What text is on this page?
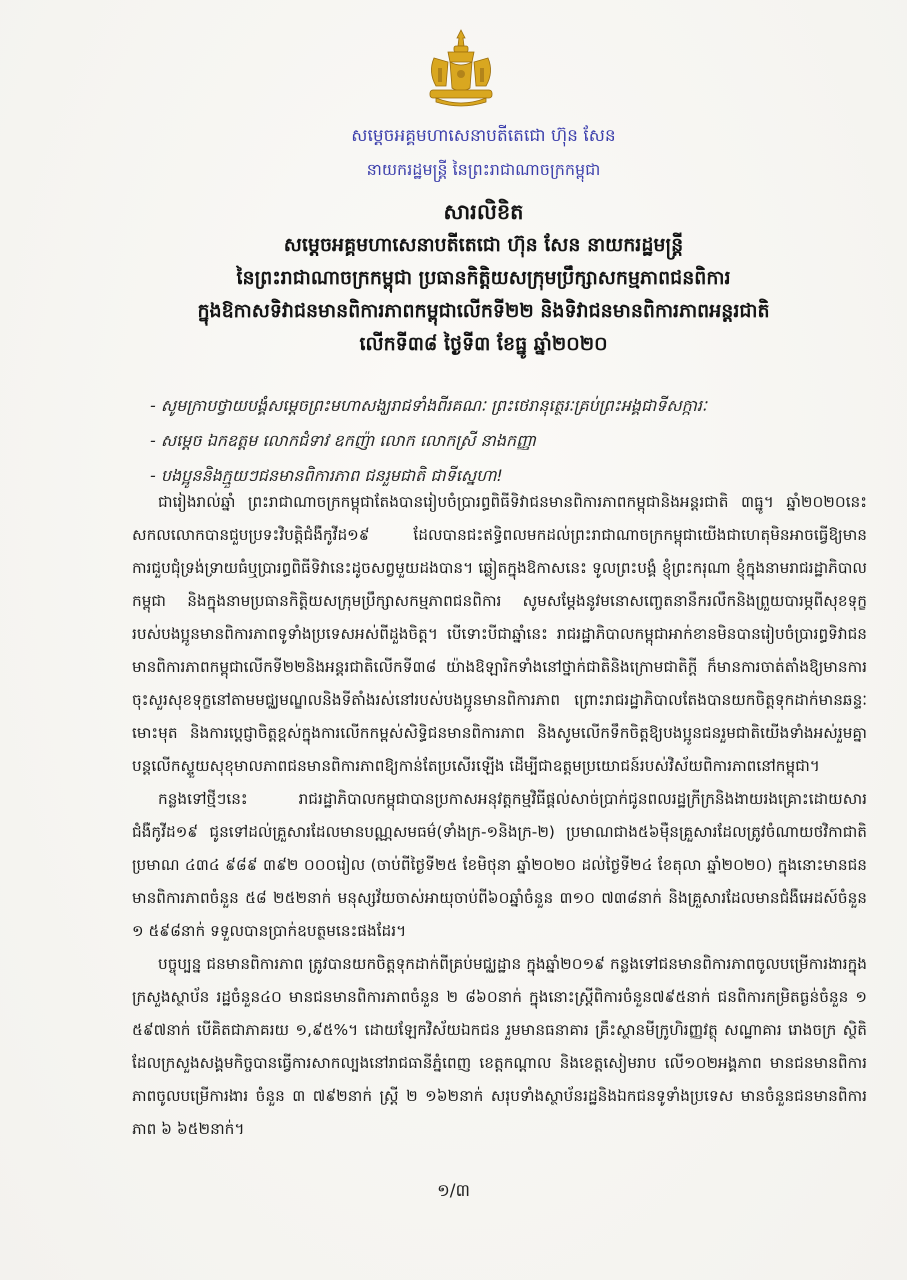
សម្ដេចអគ្គមហាសេនាបតីតេជោ ហ៊ុន សែន
នាយករដ្ឋមន្ត្រី នៃព្រះរាជាណាចក្រកម្ពុជា
សារលិខិត
សម្ដេចអគ្គមហាសេនាបតីតេជោ ហ៊ុន សែន នាយករដ្ឋមន្ត្រី
នៃព្រះរាជាណាចក្រកម្ពុជា ប្រធានកិត្តិយសក្រុមប្រឹក្សាសកម្មភាពជនពិការ
ក្នុងឱកាសទិវាជនមានពិការភាពកម្ពុជាលើកទី២២ និងទិវាជនមានពិការភាពអន្តរជាតិ
លើកទី៣៨ ថ្ងៃទី៣ ខែធ្នូ ឆ្នាំ២០២០
- សូមក្រាបថ្វាយបង្គំសម្ដេចព្រះមហាសង្ឃរាជទាំងពីរគណៈ ព្រះថេរានុត្ថេរៈគ្រប់ព្រះអង្គជាទីសក្ការៈ
- សម្ដេច ឯកឧត្តម លោកជំទាវ ឧកញ៉ា លោក លោកស្រី នាងកញ្ញា
- បងប្អូននិងក្មួយៗជនមានពិការភាព ជនរួមជាតិ ជាទីស្នេហា!

ជារៀងរាល់ឆ្នាំ ព្រះរាជាណាចក្រកម្ពុជាតែងបានរៀបចំប្រារព្ធពិធីទិវាជនមានពិការភាពកម្ពុជានិងអន្តរជាតិ ៣ធ្នូ។ ឆ្នាំ២០២០នេះ សកលលោកបានជួបប្រទះវិបត្តិជំងឺកូវីដ១៩ ដែលបានជះឥទ្ធិពលមកដល់ព្រះរាជាណាចក្រកម្ពុជាយើងជាហេតុមិនអាចធ្វើឱ្យមានការជួបជុំទ្រង់ទ្រាយធំឬប្រារព្ធពិធីទិវានេះដូចសព្វមួយដងបាន។ ឆ្លៀតក្នុងឱកាសនេះ ទូលព្រះបង្គំ ខ្ញុំព្រះករុណា ខ្ញុំក្នុងនាមរាជរដ្ឋាភិបាលកម្ពុជា និងក្នុងនាមប្រធានកិត្តិយសក្រុមប្រឹក្សាសកម្មភាពជនពិការ សូមសម្ដែងនូវមនោសញ្ចេតនានឹករលឹកនិងព្រួយបារម្ភពីសុខទុក្ខរបស់បងប្អូនមានពិការភាពទូទាំងប្រទេសអស់ពីដួងចិត្ត។ បើទោះបីជាឆ្នាំនេះ រាជរដ្ឋាភិបាលកម្ពុជាអាក់ខានមិនបានរៀបចំប្រារព្ធទិវាជនមានពិការភាពកម្ពុជាលើកទី២២និងអន្តរជាតិលើកទី៣៨ យ៉ាងឱឡារិកទាំងនៅថ្នាក់ជាតិនិងក្រោមជាតិក្ដី ក៏មានការចាត់តាំងឱ្យមានការចុះសួរសុខទុក្ខនៅតាមមជ្ឈមណ្ឌលនិងទីតាំងរស់នៅរបស់បងប្អូនមានពិការភាព ព្រោះរាជរដ្ឋាភិបាលតែងបានយកចិត្តទុកដាក់មានឆន្ទៈមោះមុត និងការប្ដេជ្ញាចិត្តខ្ពស់ក្នុងការលើកកម្ពស់សិទ្ធិជនមានពិការភាព និងសូមលើកទឹកចិត្តឱ្យបងប្អូនជនរួមជាតិយើងទាំងអស់រួមគ្នាបន្តលើកស្ទួយសុខុមាលភាពជនមានពិការភាពឱ្យកាន់តែប្រសើរឡើង ដើម្បីជាឧត្តមប្រយោជន៍របស់វិស័យពិការភាពនៅកម្ពុជា។

កន្លងទៅថ្មីៗនេះ រាជរដ្ឋាភិបាលកម្ពុជាបានប្រកាសអនុវត្តកម្មវិធីផ្ដល់សាច់ប្រាក់ជូនពលរដ្ឋក្រីក្រនិងងាយរងគ្រោះដោយសារជំងឺកូវីដ១៩ ជូនទៅដល់គ្រួសារដែលមានបណ្ណសមធម៌(ទាំងក្រ-១និងក្រ-២) ប្រមាណជាង៥៦ម៉ឺនគ្រួសារដែលត្រូវចំណាយថវិកាជាតិប្រមាណ ៤៣៤ ៩៨៩ ៣៩២ ០០០រៀល (ចាប់ពីថ្ងៃទី២៥ ខែមិថុនា ឆ្នាំ២០២០ ដល់ថ្ងៃទី២៤ ខែតុលា ឆ្នាំ២០២០) ក្នុងនោះមានជនមានពិការភាពចំនួន ៥៨ ២៥២នាក់ មនុស្សវ័យចាស់អាយុចាប់ពី៦០ឆ្នាំចំនួន ៣១០ ៧៣៨នាក់ និងគ្រួសារដែលមានជំងឺអេដស៍ចំនួន ១ ៥៩៨នាក់ ទទួលបានប្រាក់ឧបត្ថមនេះផងដែរ។

បច្ចុប្បន្ន ជនមានពិការភាព ត្រូវបានយកចិត្តទុកដាក់ពីគ្រប់មជ្ឈដ្ឋាន ក្នុងឆ្នាំ២០១៩ កន្លងទៅជនមានពិការភាពចូលបម្រើការងារក្នុងក្រសួងស្ថាប័ន រដ្ឋចំនួន៤០ មានជនមានពិការភាពចំនួន ២ ៨៦០នាក់ ក្នុងនោះស្ត្រីពិការចំនួន៧៩៥នាក់ ជនពិការកម្រិតធ្ងន់ចំនួន ១ ៥៩៧នាក់ បើគិតជាភាគរយ ១,៩៥%។ ដោយឡែកវិស័យឯកជន រួមមានធនាគារ គ្រឹះស្ថានមីក្រូហិរញ្ញវត្ថុ សណ្ឋាគារ រោងចក្រ ស្ថិតិដែលក្រសួងសង្គមកិច្ចបានធ្វើការសាកល្បងនៅរាជធានីភ្នំពេញ ខេត្តកណ្ដាល និងខេត្តសៀមរាប លើ១០២អង្គភាព មានជនមានពិការភាពចូលបម្រើការងារ ចំនួន ៣ ៧៩២នាក់ ស្ត្រី ២ ១៦២នាក់ សរុបទាំងស្ថាប័នរដ្ឋនិងឯកជនទូទាំងប្រទេស មានចំនួនជនមានពិការភាព ៦ ៦៥២នាក់។

១/៣
